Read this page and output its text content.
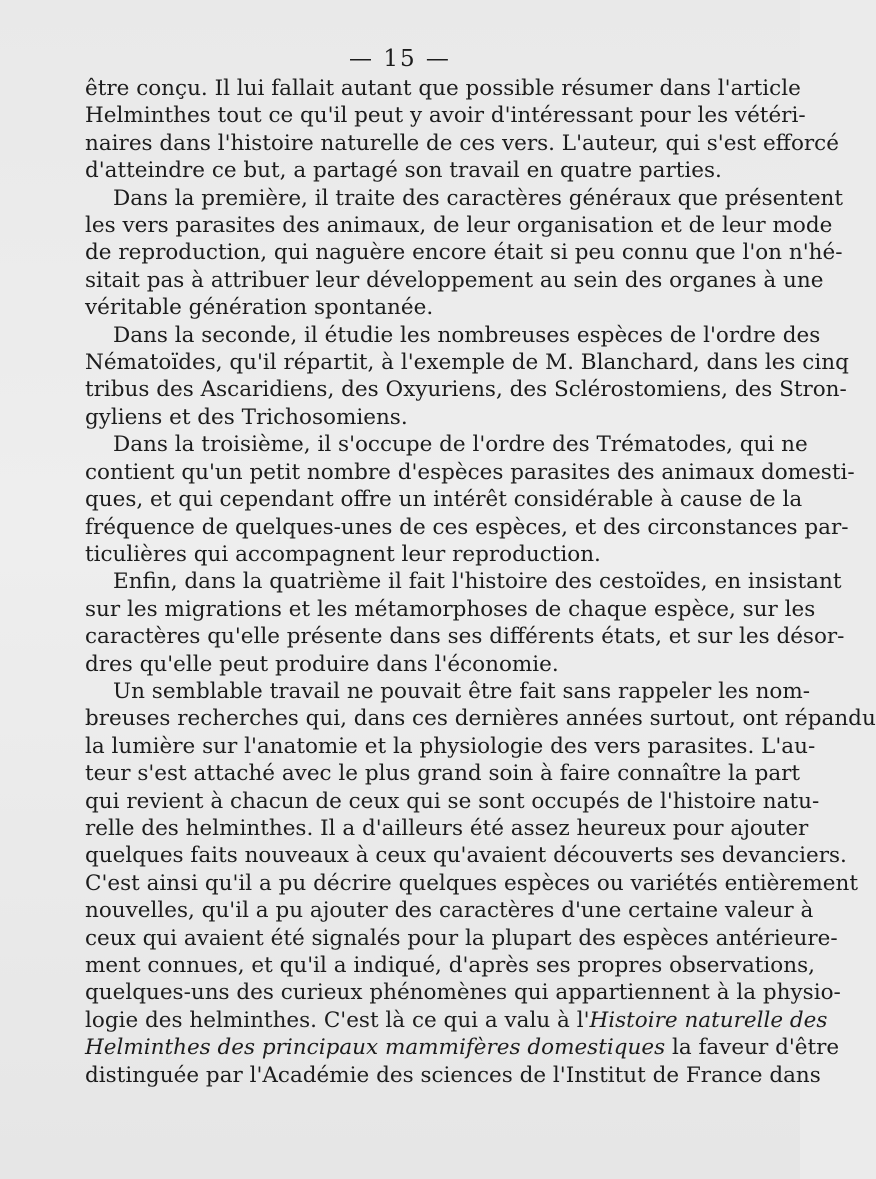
— 15 —
être conçu. Il lui fallait autant que possible résumer dans l'article
Helminthes tout ce qu'il peut y avoir d'intéressant pour les vétéri-
naires dans l'histoire naturelle de ces vers. L'auteur, qui s'est efforcé
d'atteindre ce but, a partagé son travail en quatre parties.
Dans la première, il traite des caractères généraux que présentent
les vers parasites des animaux, de leur organisation et de leur mode
de reproduction, qui naguère encore était si peu connu que l'on n'hé-
sitait pas à attribuer leur développement au sein des organes à une
véritable génération spontanée.
Dans la seconde, il étudie les nombreuses espèces de l'ordre des
Nématoïdes, qu'il répartit, à l'exemple de M. Blanchard, dans les cinq
tribus des Ascaridiens, des Oxyuriens, des Sclérostomiens, des Stron-
gyliens et des Trichosomiens.
Dans la troisième, il s'occupe de l'ordre des Trématodes, qui ne
contient qu'un petit nombre d'espèces parasites des animaux domesti-
ques, et qui cependant offre un intérêt considérable à cause de la
fréquence de quelques-unes de ces espèces, et des circonstances par-
ticulières qui accompagnent leur reproduction.
Enfin, dans la quatrième il fait l'histoire des cestoïdes, en insistant
sur les migrations et les métamorphoses de chaque espèce, sur les
caractères qu'elle présente dans ses différents états, et sur les désor-
dres qu'elle peut produire dans l'économie.
Un semblable travail ne pouvait être fait sans rappeler les nom-
breuses recherches qui, dans ces dernières années surtout, ont répandu
la lumière sur l'anatomie et la physiologie des vers parasites. L'au-
teur s'est attaché avec le plus grand soin à faire connaître la part
qui revient à chacun de ceux qui se sont occupés de l'histoire natu-
relle des helminthes. Il a d'ailleurs été assez heureux pour ajouter
quelques faits nouveaux à ceux qu'avaient découverts ses devanciers.
C'est ainsi qu'il a pu décrire quelques espèces ou variétés entièrement
nouvelles, qu'il a pu ajouter des caractères d'une certaine valeur à
ceux qui avaient été signalés pour la plupart des espèces antérieure-
ment connues, et qu'il a indiqué, d'après ses propres observations,
quelques-uns des curieux phénomènes qui appartiennent à la physio-
logie des helminthes. C'est là ce qui a valu à l'Histoire naturelle des
Helminthes des principaux mammifères domestiques la faveur d'être
distinguée par l'Académie des sciences de l'Institut de France dans
